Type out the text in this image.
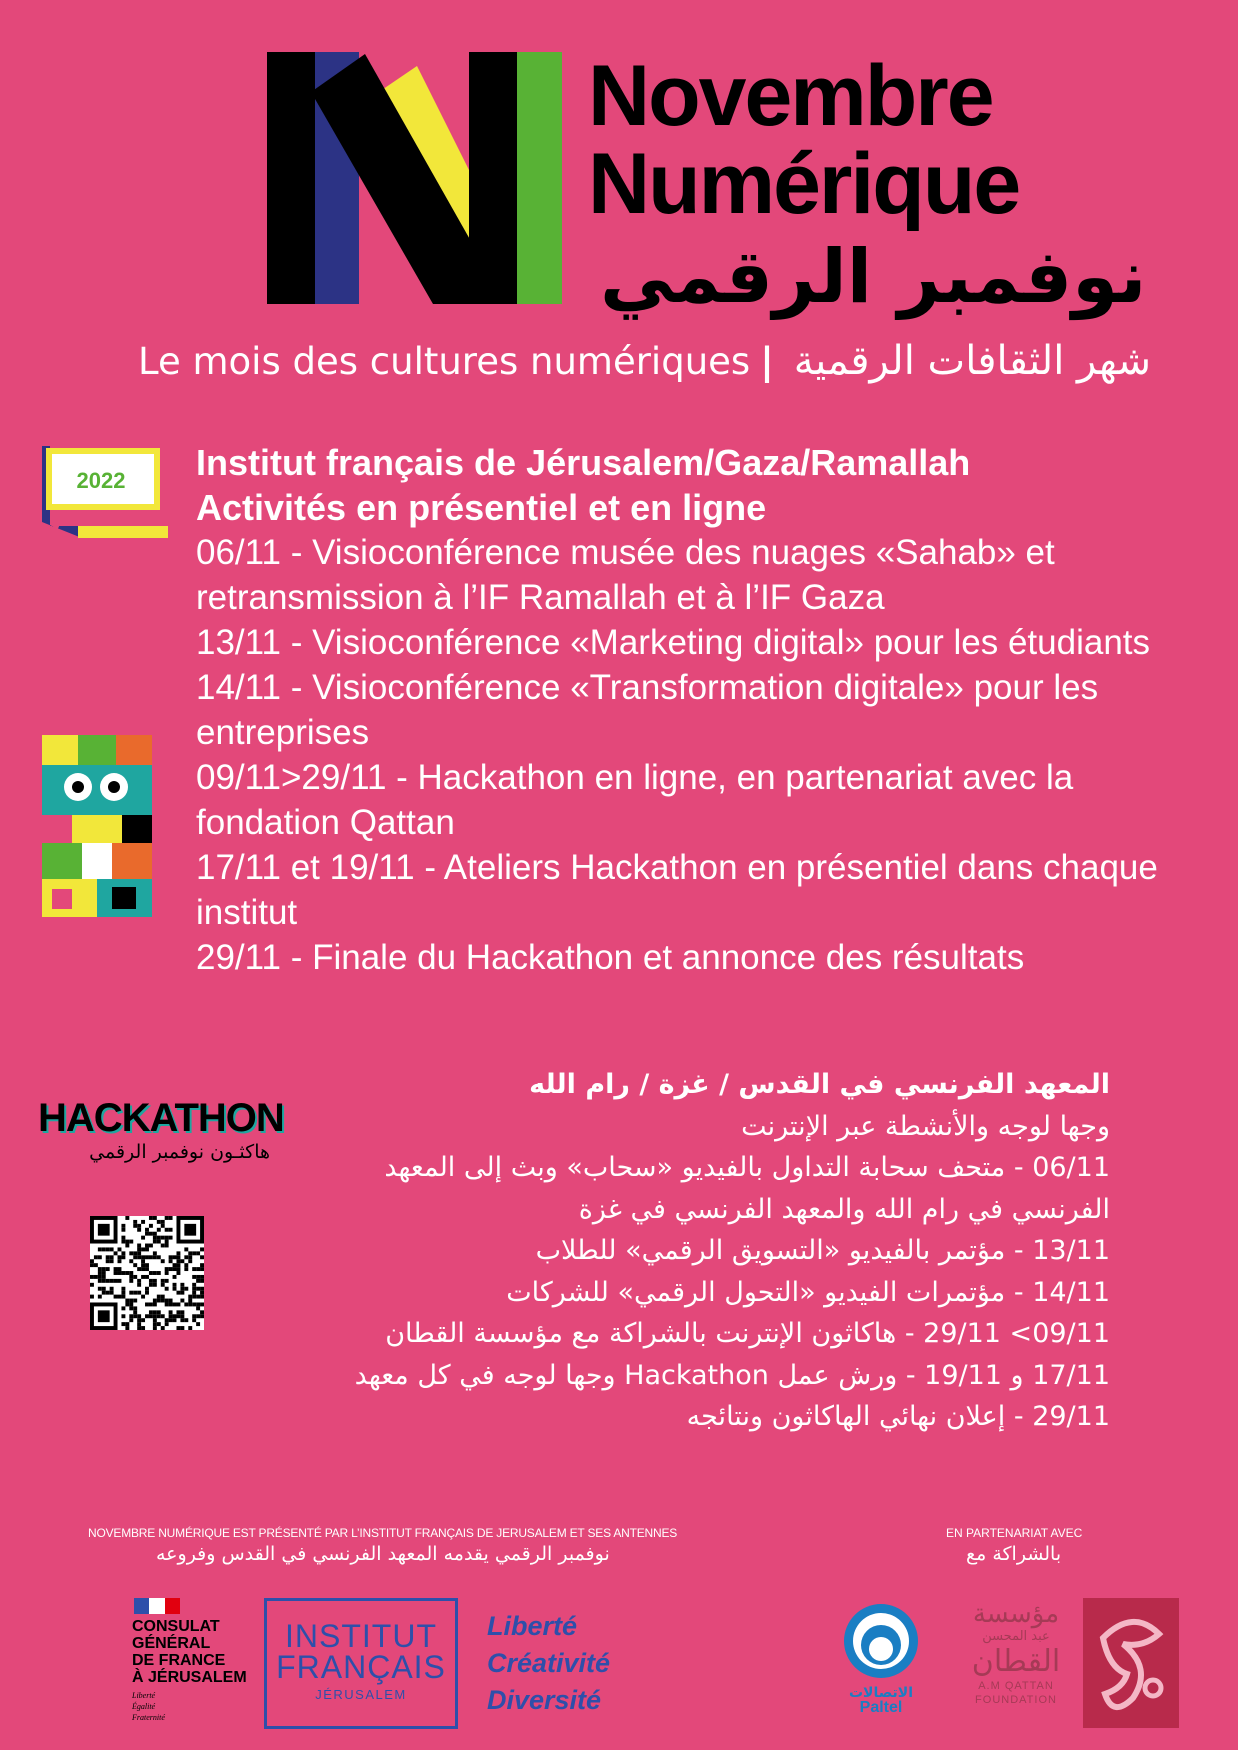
Novembre
Numérique
نوفمبر الرقمي
Le mois des cultures numériques | شهر الثقافات الرقمية
2022	Institut français de Jérusalem/Gaza/Ramallah
Activités en présentiel et en ligne
06/11 - Visioconférence musée des nuages «Sahab» et retransmission à l’IF Ramallah et à l’IF Gaza
13/11 - Visioconférence «Marketing digital» pour les étudiants
14/11 - Visioconférence «Transformation digitale» pour les entreprises
09/11>29/11 - Hackathon en ligne, en partenariat avec la fondation Qattan
17/11 et 19/11 - Ateliers Hackathon en présentiel dans chaque institut
29/11 - Finale du Hackathon et annonce des résultats
HACKATHON
هاكثـون نوفمبر الرقمي
المعهد الفرنسي في القدس / غزة / رام الله
وجها لوجه والأنشطة عبر الإنترنت
06/11 - متحف سحابة التداول بالفيديو «سحاب» وبث إلى المعهد
الفرنسي في رام الله والمعهد الفرنسي في غزة
13/11 - مؤتمر بالفيديو «التسويق الرقمي» للطلاب
14/11 - مؤتمرات الفيديو «التحول الرقمي» للشركات
09/11> 29/11 - هاكاثون الإنترنت بالشراكة مع مؤسسة القطان
17/11 و 19/11 - ورش عمل Hackathon وجها لوجه في كل معهد
29/11 - إعلان نهائي الهاكاثون ونتائجه
NOVEMBRE NUMÉRIQUE EST PRÉSENTÉ PAR L’INSTITUT FRANÇAIS DE JERUSALEM ET SES ANTENNES
نوفمبر الرقمي يقدمه المعهد الفرنسي في القدس وفروعه
EN PARTENARIAT AVEC
بالشراكة مع
CONSULAT
GÉNÉRAL
DE FRANCE
À JÉRUSALEM
Liberté
Égalité
Fraternité
INSTITUT
FRANÇAIS
JÉRUSALEM
Liberté
Créativité
Diversité	الاتصالات
Paltel
مؤسسة
عبد المحسن
القطان
A.M QATTAN
FOUNDATION
